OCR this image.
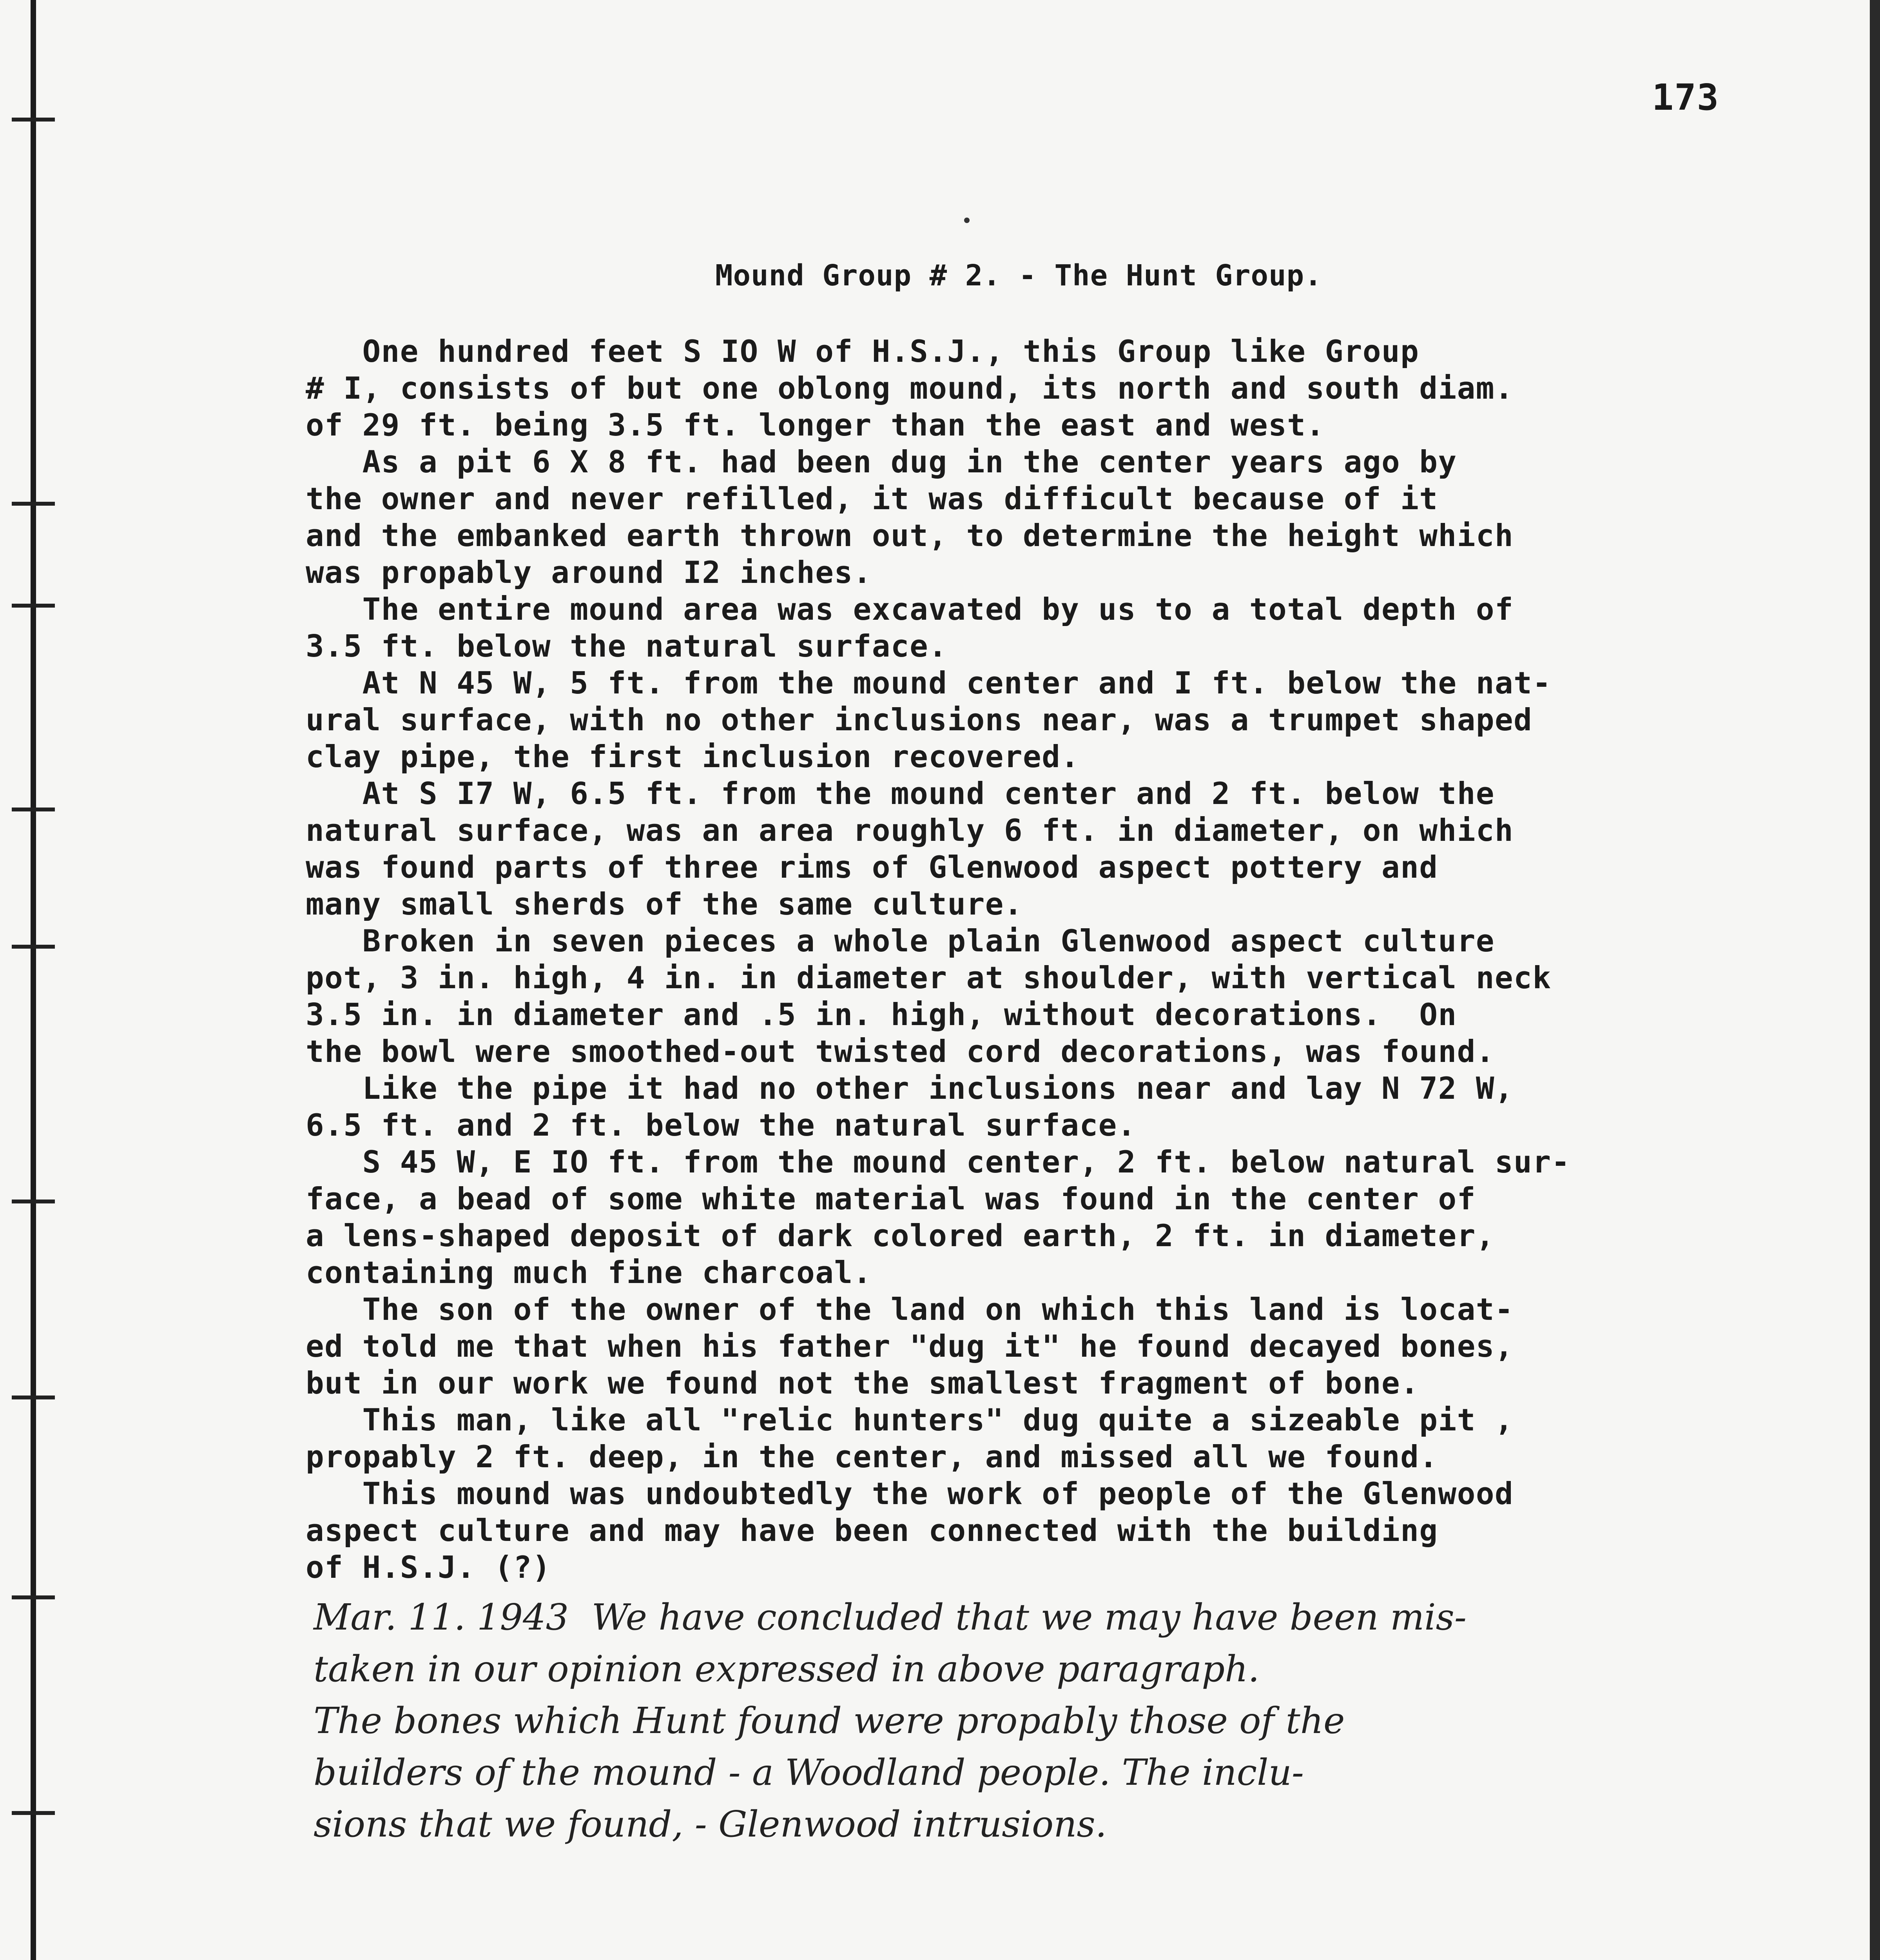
173
Mound Group # 2. - The Hunt Group.
One hundred feet S IO W of H.S.J., this Group like Group
# I, consists of but one oblong mound, its north and south diam.
of 29 ft. being 3.5 ft. longer than the east and west.
As a pit 6 X 8 ft. had been dug in the center years ago by
the owner and never refilled, it was difficult because of it
and the embanked earth thrown out, to determine the height which
was propably around I2 inches.
The entire mound area was excavated by us to a total depth of
3.5 ft. below the natural surface.
At N 45 W, 5 ft. from the mound center and I ft. below the nat-
ural surface, with no other inclusions near, was a trumpet shaped
clay pipe, the first inclusion recovered.
At S I7 W, 6.5 ft. from the mound center and 2 ft. below the
natural surface, was an area roughly 6 ft. in diameter, on which
was found parts of three rims of Glenwood aspect pottery and
many small sherds of the same culture.
Broken in seven pieces a whole plain Glenwood aspect culture
pot, 3 in. high, 4 in. in diameter at shoulder, with vertical neck
3.5 in. in diameter and .5 in. high, without decorations.  On
the bowl were smoothed-out twisted cord decorations, was found.
Like the pipe it had no other inclusions near and lay N 72 W,
6.5 ft. and 2 ft. below the natural surface.
S 45 W, E IO ft. from the mound center, 2 ft. below natural sur-
face, a bead of some white material was found in the center of
a lens-shaped deposit of dark colored earth, 2 ft. in diameter,
containing much fine charcoal.
The son of the owner of the land on which this land is locat-
ed told me that when his father "dug it" he found decayed bones,
but in our work we found not the smallest fragment of bone.
This man, like all "relic hunters" dug quite a sizeable pit ,
propably 2 ft. deep, in the center, and missed all we found.
This mound was undoubtedly the work of people of the Glenwood
aspect culture and may have been connected with the building
of H.S.J. (?)
Mar. 11. 1943  We have concluded that we may have been mis-
taken in our opinion expressed in above paragraph.
The bones which Hunt found were propably those of the
builders of the mound - a Woodland people. The inclu-
sions that we found, - Glenwood intrusions.
